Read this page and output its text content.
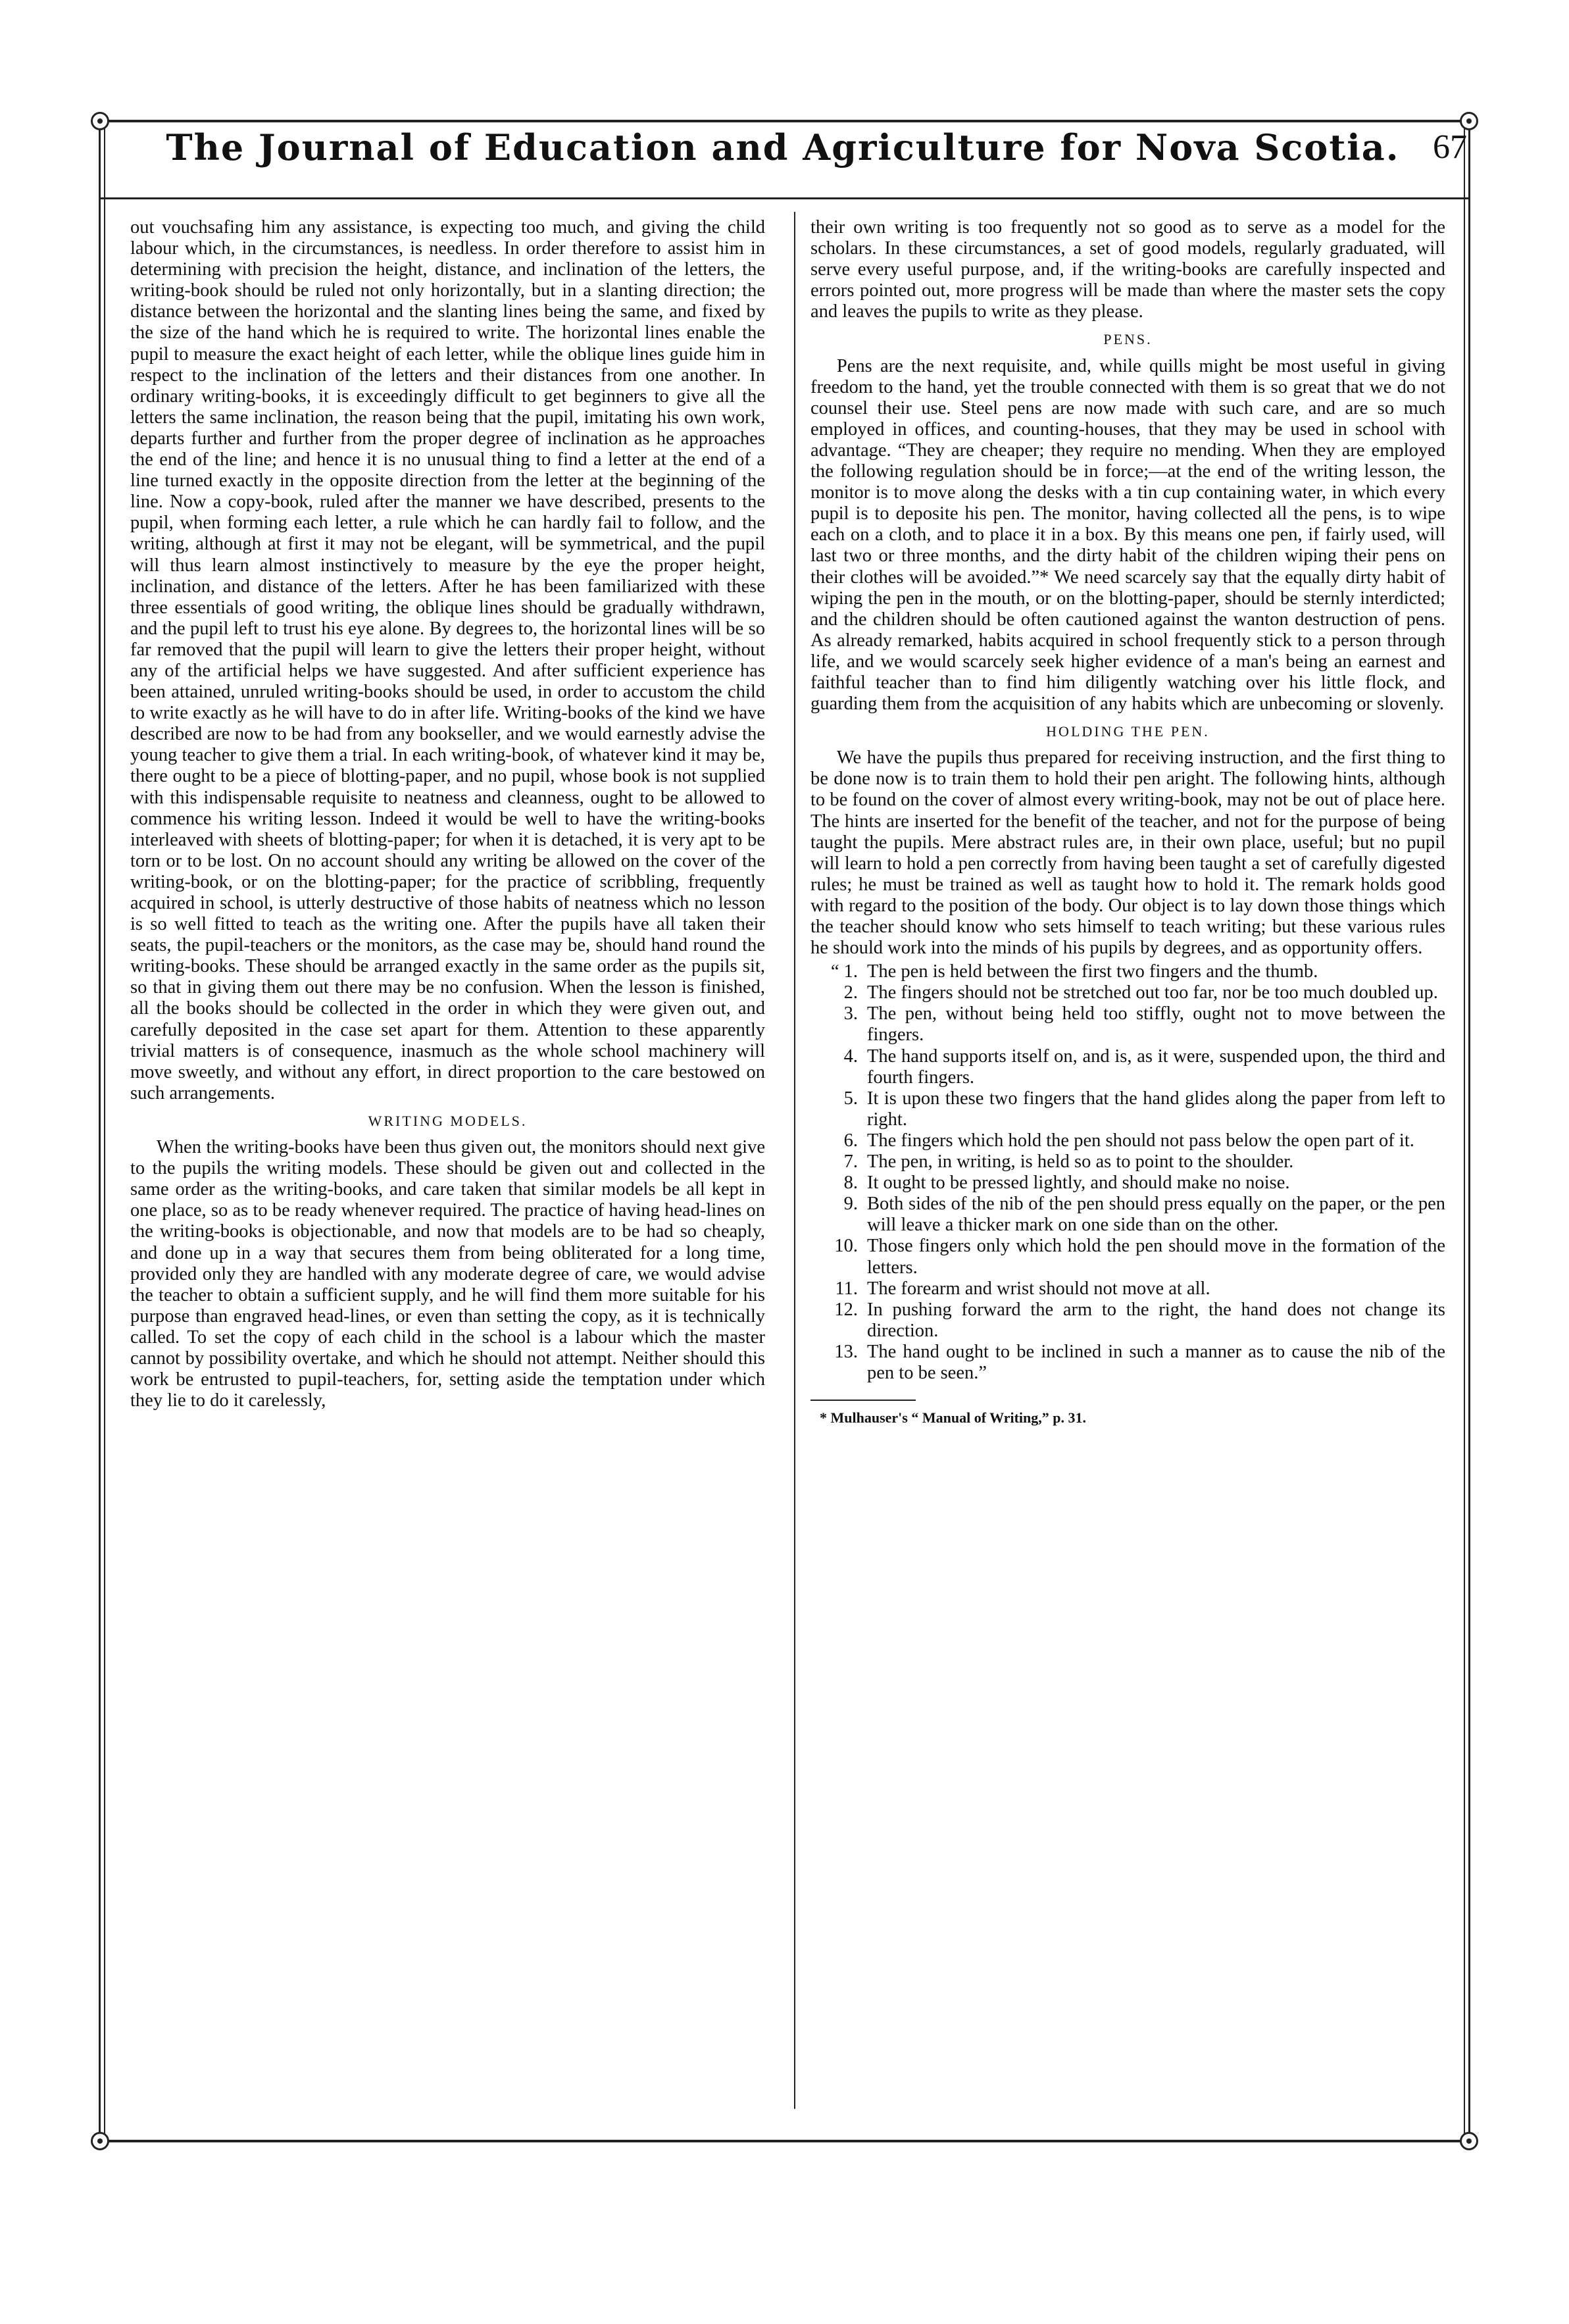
The Journal of Education and Agriculture for Nova Scotia. 67

out vouchsafing him any assistance, is expecting too much, and giving the child labour which, in the circumstances, is needless. In order therefore to assist him in determining with precision the height, distance, and inclination of the letters, the writing-book should be ruled not only horizontally, but in a slanting direction; the distance between the horizontal and the slanting lines being the same, and fixed by the size of the hand which he is required to write. The horizontal lines enable the pupil to measure the exact height of each letter, while the oblique lines guide him in respect to the inclination of the letters and their distances from one another. In ordinary writing-books, it is exceedingly difficult to get beginners to give all the letters the same inclination, the reason being that the pupil, imitating his own work, departs further and further from the proper degree of inclination as he approaches the end of the line; and hence it is no unusual thing to find a letter at the end of a line turned exactly in the opposite direction from the letter at the beginning of the line. Now a copy-book, ruled after the manner we have described, presents to the pupil, when forming each letter, a rule which he can hardly fail to follow, and the writing, although at first it may not be elegant, will be symmetrical, and the pupil will thus learn almost instinctively to measure by the eye the proper height, inclination, and distance of the letters. After he has been familiarized with these three essentials of good writing, the oblique lines should be gradually withdrawn, and the pupil left to trust his eye alone. By degrees to, the horizontal lines will be so far removed that the pupil will learn to give the letters their proper height, without any of the artificial helps we have suggested. And after sufficient experience has been attained, unruled writing-books should be used, in order to accustom the child to write exactly as he will have to do in after life. Writing-books of the kind we have described are now to be had from any bookseller, and we would earnestly advise the young teacher to give them a trial. In each writing-book, of whatever kind it may be, there ought to be a piece of blotting-paper, and no pupil, whose book is not supplied with this indispensable requisite to neatness and cleanness, ought to be allowed to commence his writing lesson. Indeed it would be well to have the writing-books interleaved with sheets of blotting-paper; for when it is detached, it is very apt to be torn or to be lost. On no account should any writing be allowed on the cover of the writing-book, or on the blotting-paper; for the practice of scribbling, frequently acquired in school, is utterly destructive of those habits of neatness which no lesson is so well fitted to teach as the writing one. After the pupils have all taken their seats, the pupil-teachers or the monitors, as the case may be, should hand round the writing-books. These should be arranged exactly in the same order as the pupils sit, so that in giving them out there may be no confusion. When the lesson is finished, all the books should be collected in the order in which they were given out, and carefully deposited in the case set apart for them. Attention to these apparently trivial matters is of consequence, inasmuch as the whole school machinery will move sweetly, and without any effort, in direct proportion to the care bestowed on such arrangements.

WRITING MODELS.

When the writing-books have been thus given out, the monitors should next give to the pupils the writing models. These should be given out and collected in the same order as the writing-books, and care taken that similar models be all kept in one place, so as to be ready whenever required. The practice of having head-lines on the writing-books is objectionable, and now that models are to be had so cheaply, and done up in a way that secures them from being obliterated for a long time, provided only they are handled with any moderate degree of care, we would advise the teacher to obtain a sufficient supply, and he will find them more suitable for his purpose than engraved head-lines, or even than setting the copy, as it is technically called. To set the copy of each child in the school is a labour which the master cannot by possibility overtake, and which he should not attempt. Neither should this work be entrusted to pupil-teachers, for, setting aside the temptation under which they lie to do it carelessly,

their own writing is too frequently not so good as to serve as a model for the scholars. In these circumstances, a set of good models, regularly graduated, will serve every useful purpose, and, if the writing-books are carefully inspected and errors pointed out, more progress will be made than where the master sets the copy and leaves the pupils to write as they please.

PENS.

Pens are the next requisite, and, while quills might be most useful in giving freedom to the hand, yet the trouble connected with them is so great that we do not counsel their use. Steel pens are now made with such care, and are so much employed in offices, and counting-houses, that they may be used in school with advantage. “They are cheaper; they require no mending. When they are employed the following regulation should be in force;—at the end of the writing lesson, the monitor is to move along the desks with a tin cup containing water, in which every pupil is to deposite his pen. The monitor, having collected all the pens, is to wipe each on a cloth, and to place it in a box. By this means one pen, if fairly used, will last two or three months, and the dirty habit of the children wiping their pens on their clothes will be avoided.”* We need scarcely say that the equally dirty habit of wiping the pen in the mouth, or on the blotting-paper, should be sternly interdicted; and the children should be often cautioned against the wanton destruction of pens. As already remarked, habits acquired in school frequently stick to a person through life, and we would scarcely seek higher evidence of a man's being an earnest and faithful teacher than to find him diligently watching over his little flock, and guarding them from the acquisition of any habits which are unbecoming or slovenly.

HOLDING THE PEN.

We have the pupils thus prepared for receiving instruction, and the first thing to be done now is to train them to hold their pen aright. The following hints, although to be found on the cover of almost every writing-book, may not be out of place here. The hints are inserted for the benefit of the teacher, and not for the purpose of being taught the pupils. Mere abstract rules are, in their own place, useful; but no pupil will learn to hold a pen correctly from having been taught a set of carefully digested rules; he must be trained as well as taught how to hold it. The remark holds good with regard to the position of the body. Our object is to lay down those things which the teacher should know who sets himself to teach writing; but these various rules he should work into the minds of his pupils by degrees, and as opportunity offers.

“ 1. The pen is held between the first two fingers and the thumb.
2. The fingers should not be stretched out too far, nor be too much doubled up.
3. The pen, without being held too stiffly, ought not to move between the fingers.
4. The hand supports itself on, and is, as it were, suspended upon, the third and fourth fingers.
5. It is upon these two fingers that the hand glides along the paper from left to right.
6. The fingers which hold the pen should not pass below the open part of it.
7. The pen, in writing, is held so as to point to the shoulder.
8. It ought to be pressed lightly, and should make no noise.
9. Both sides of the nib of the pen should press equally on the paper, or the pen will leave a thicker mark on one side than on the other.
10. Those fingers only which hold the pen should move in the formation of the letters.
11. The forearm and wrist should not move at all.
12. In pushing forward the arm to the right, the hand does not change its direction.
13. The hand ought to be inclined in such a manner as to cause the nib of the pen to be seen.”
* Mulhauser's “ Manual of Writing,” p. 31.
